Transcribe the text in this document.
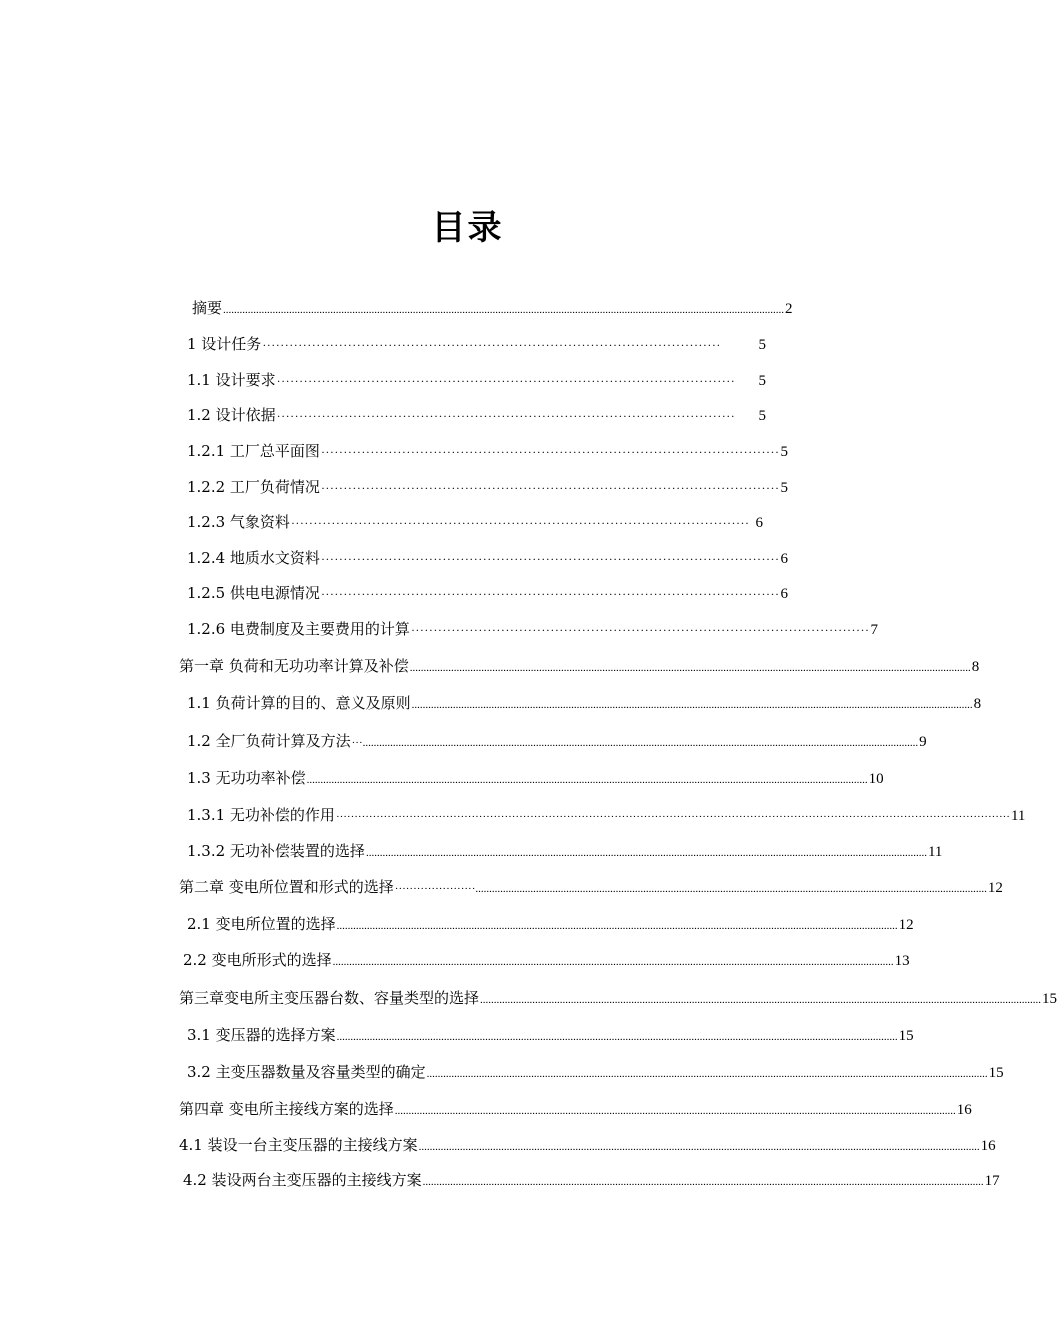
目录
摘要 ............................................................................................................................................................................................................ 2
1 设计任务 ······································································································	5
1.1 设计要求 ······································································································	5
1.2 设计依据 ······································································································	5
1.2.1 工厂总平面图 ······································································································ 5
1.2.2 工厂负荷情况 ······································································································ 5
1.2.3 气象资料 ······································································································ 6
1.2.4 地质水文资料 ······································································································ 6
1.2.5 供电电源情况 ······································································································ 6
1.2.6 电费制度及主要费用的计算 ······································································································ 7
第一章 负荷和无功功率计算及补偿 ............................................................................................................................................................................................................ 8
1.1 负荷计算的目的、意义及原则 ............................................................................................................................................................................................................ 8
1.2 全厂负荷计算及方法 ···.......................................................................................................................................................................................................... 9
1.3 无功功率补偿 ............................................................................................................................................................................................................ 10
1.3.1 无功补偿的作用 ························································································································································································ 11
1.3.2 无功补偿装置的选择 ............................................................................................................................................................................................................ 11
第二章 变电所位置和形式的选择 ······················.......................................................................................................................................................................................... 12
2.1 变电所位置的选择 ............................................................................................................................................................................................................ 12
2.2 变电所形式的选择 ............................................................................................................................................................................................................ 13
第三章变电所主变压器台数、容量类型的选择 ............................................................................................................................................................................................................ 15
3.1 变压器的选择方案 ............................................................................................................................................................................................................ 15
3.2 主变压器数量及容量类型的确定 ............................................................................................................................................................................................................ 15
第四章 变电所主接线方案的选择 ............................................................................................................................................................................................................ 16
4.1 装设一台主变压器的主接线方案 ............................................................................................................................................................................................................ 16
4.2 装设两台主变压器的主接线方案 ............................................................................................................................................................................................................ 17
